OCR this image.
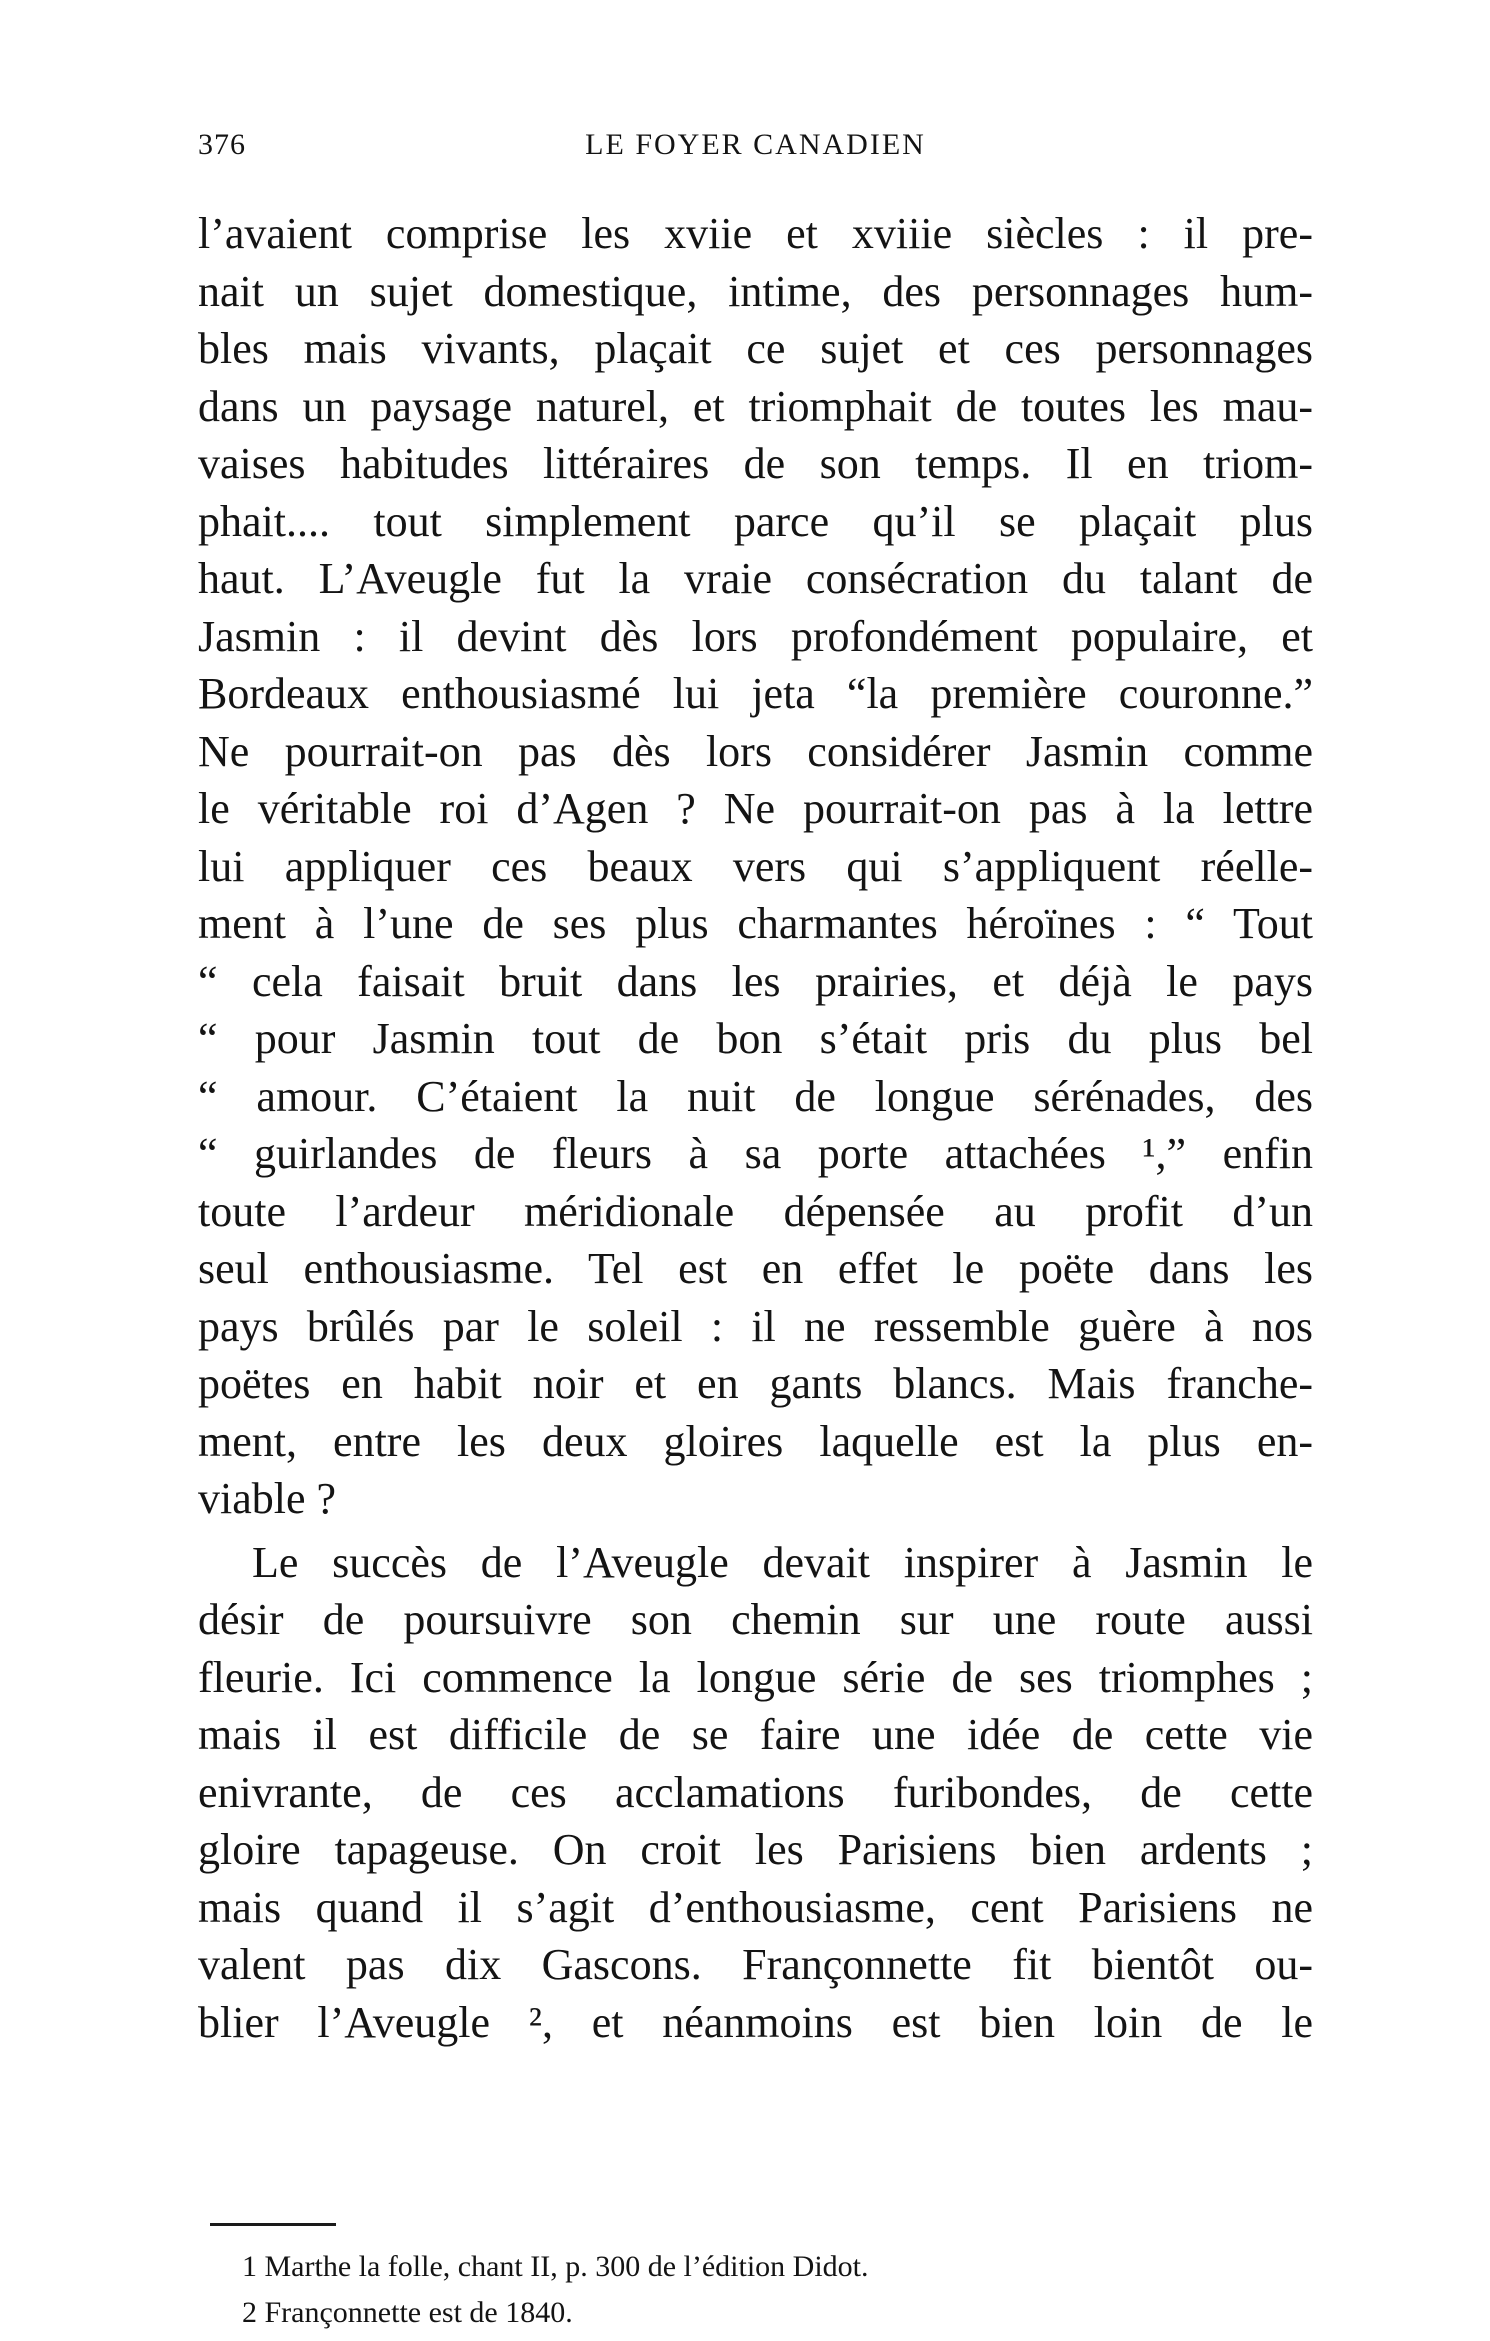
376	LE FOYER CANADIEN
l’avaient comprise les xviie et xviiie siècles : il pre-
nait un sujet domestique, intime, des personnages hum-
bles mais vivants, plaçait ce sujet et ces personnages
dans un paysage naturel, et triomphait de toutes les mau-
vaises habitudes littéraires de son temps. Il en triom-
phait.... tout simplement parce qu’il se plaçait plus
haut. L’Aveugle fut la vraie consécration du talant de
Jasmin : il devint dès lors profondément populaire, et
Bordeaux enthousiasmé lui jeta “la première couronne.”
Ne pourrait-on pas dès lors considérer Jasmin comme
le véritable roi d’Agen ? Ne pourrait-on pas à la lettre
lui appliquer ces beaux vers qui s’appliquent réelle-
ment à l’une de ses plus charmantes héroïnes : “ Tout
“ cela faisait bruit dans les prairies, et déjà le pays
“ pour Jasmin tout de bon s’était pris du plus bel
“ amour. C’étaient la nuit de longue sérénades, des
“ guirlandes de fleurs à sa porte attachées ¹,” enfin
toute l’ardeur méridionale dépensée au profit d’un
seul enthousiasme. Tel est en effet le poëte dans les
pays brûlés par le soleil : il ne ressemble guère à nos
poëtes en habit noir et en gants blancs. Mais franche-
ment, entre les deux gloires laquelle est la plus en-
viable ?
Le succès de l’Aveugle devait inspirer à Jasmin le
désir de poursuivre son chemin sur une route aussi
fleurie. Ici commence la longue série de ses triomphes ;
mais il est difficile de se faire une idée de cette vie
enivrante, de ces acclamations furibondes, de cette
gloire tapageuse. On croit les Parisiens bien ardents ;
mais quand il s’agit d’enthousiasme, cent Parisiens ne
valent pas dix Gascons. Françonnette fit bientôt ou-
blier l’Aveugle ², et néanmoins est bien loin de le
1 Marthe la folle, chant II, p. 300 de l’édition Didot.
2 Françonnette est de 1840.
